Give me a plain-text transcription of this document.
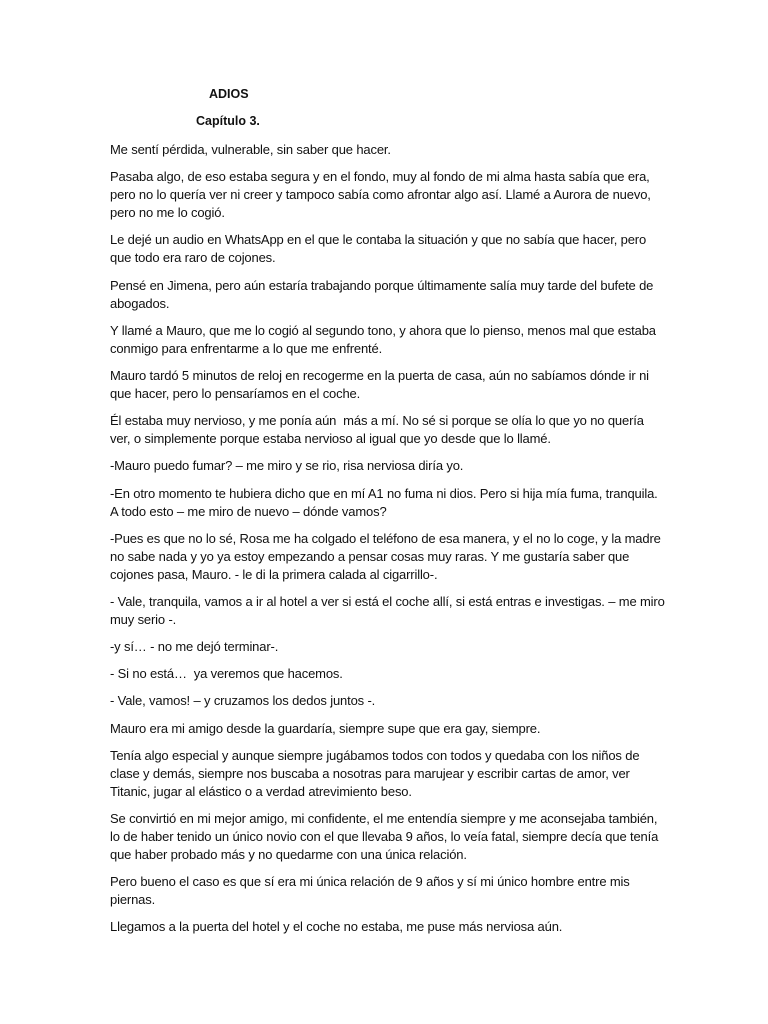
ADIOS
Capítulo 3.

Me sentí pérdida, vulnerable, sin saber que hacer.

Pasaba algo, de eso estaba segura y en el fondo, muy al fondo de mi alma hasta sabía que era, pero no lo quería ver ni creer y tampoco sabía como afrontar algo así. Llamé a Aurora de nuevo, pero no me lo cogió.

Le dejé un audio en WhatsApp en el que le contaba la situación y que no sabía que hacer, pero que todo era raro de cojones.

Pensé en Jimena, pero aún estaría trabajando porque últimamente salía muy tarde del bufete de abogados.

Y llamé a Mauro, que me lo cogió al segundo tono, y ahora que lo pienso, menos mal que estaba conmigo para enfrentarme a lo que me enfrenté.

Mauro tardó 5 minutos de reloj en recogerme en la puerta de casa, aún no sabíamos dónde ir ni que hacer, pero lo pensaríamos en el coche.

Él estaba muy nervioso, y me ponía aún  más a mí. No sé si porque se olía lo que yo no quería ver, o simplemente porque estaba nervioso al igual que yo desde que lo llamé.

-Mauro puedo fumar? – me miro y se rio, risa nerviosa diría yo.

-En otro momento te hubiera dicho que en mí A1 no fuma ni dios. Pero si hija mía fuma, tranquila. A todo esto – me miro de nuevo – dónde vamos?

-Pues es que no lo sé, Rosa me ha colgado el teléfono de esa manera, y el no lo coge, y la madre no sabe nada y yo ya estoy empezando a pensar cosas muy raras. Y me gustaría saber que cojones pasa, Mauro. - le di la primera calada al cigarrillo-.

- Vale, tranquila, vamos a ir al hotel a ver si está el coche allí, si está entras e investigas. – me miro muy serio -.

-y sí… - no me dejó terminar-.

- Si no está…  ya veremos que hacemos.

- Vale, vamos! – y cruzamos los dedos juntos -.

Mauro era mi amigo desde la guardaría, siempre supe que era gay, siempre.

Tenía algo especial y aunque siempre jugábamos todos con todos y quedaba con los niños de clase y demás, siempre nos buscaba a nosotras para marujear y escribir cartas de amor, ver Titanic, jugar al elástico o a verdad atrevimiento beso.

Se convirtió en mi mejor amigo, mi confidente, el me entendía siempre y me aconsejaba también, lo de haber tenido un único novio con el que llevaba 9 años, lo veía fatal, siempre decía que tenía que haber probado más y no quedarme con una única relación.

Pero bueno el caso es que sí era mi única relación de 9 años y sí mi único hombre entre mis piernas.

Llegamos a la puerta del hotel y el coche no estaba, me puse más nerviosa aún.
